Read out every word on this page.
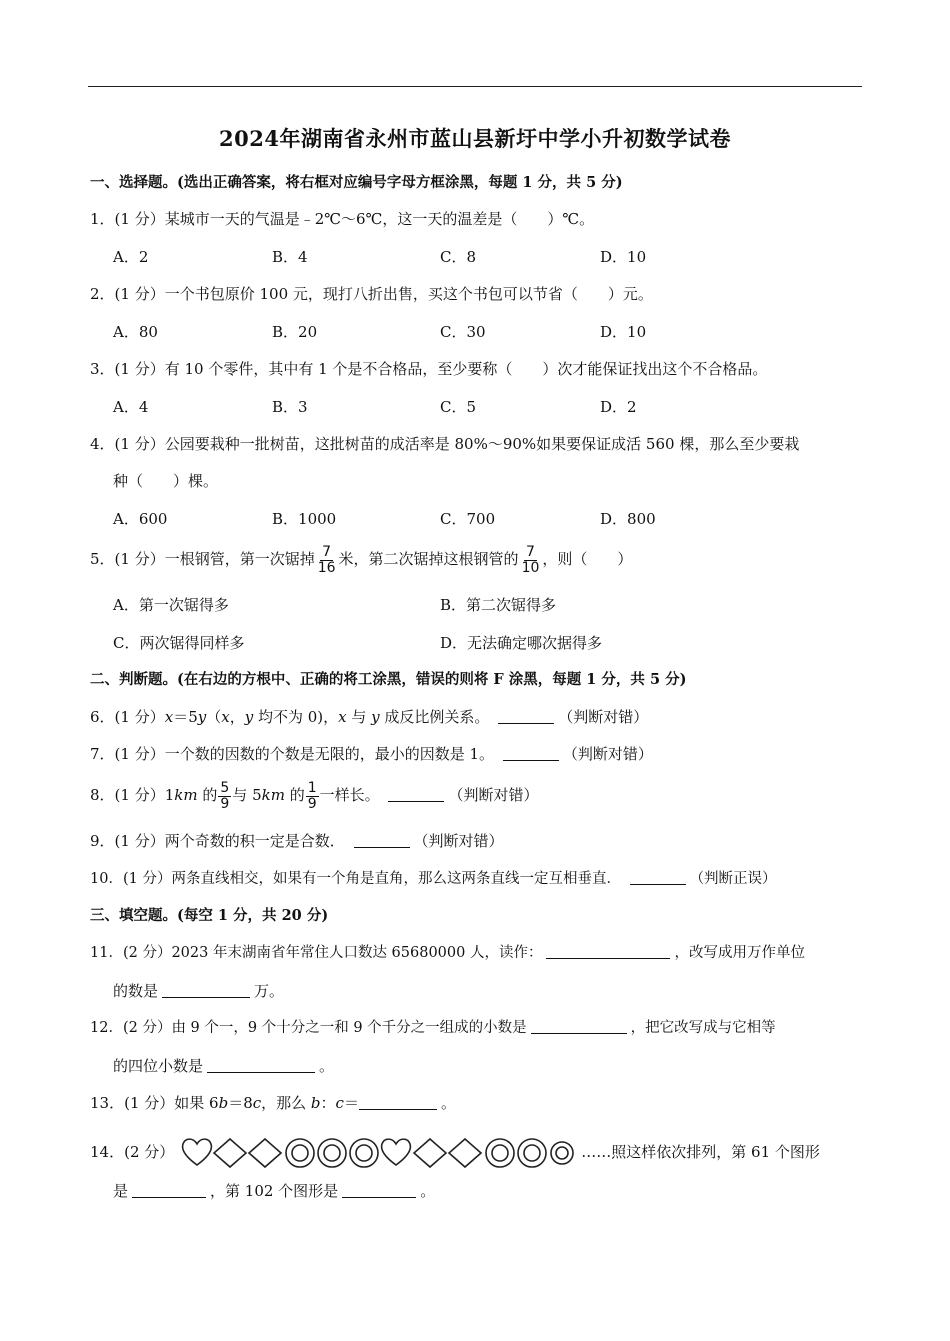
2024年湖南省永州市蓝山县新圩中学小升初数学试卷
一、选择题。(选出正确答案，将右框对应编号字母方框涂黑，每题 1 分，共 5 分)
1．(1 分）某城市一天的气温是﹣2℃～6℃，这一天的温差是（　　）℃。
A．2	B．4	C．8	D．10
2．(1 分）一个书包原价 100 元，现打八折出售，买这个书包可以节省（　　）元。
A．80	B．20	C．30	D．10
3．(1 分）有 10 个零件，其中有 1 个是不合格品，至少要称（　　）次才能保证找出这个不合格品。
A．4	B．3	C．5	D．2
4．(1 分）公园要栽种一批树苗，这批树苗的成活率是 80%～90%如果要保证成活 560 棵，那么至少要栽
种（　　）棵。
A．600	B．1000	C．700	D．800
5．(1 分）一根钢管，第一次锯掉 $\frac{7}{16}$ 米，第二次锯掉这根钢管的 $\frac{7}{10}$ ，则（　　）
A．第一次锯得多	B．第二次锯得多
C．两次锯得同样多	D．无法确定哪次据得多
二、判断题。(在右边的方根中、正确的将工涂黑，错误的则将 F 涂黑，每题 1 分，共 5 分)
6．(1 分）x＝5y（x，y 均不为 0)，x 与 y 成反比例关系。	（判断对错）
7．(1 分）一个数的因数的个数是无限的，最小的因数是 1。	（判断对错）
8．(1 分）1km 的 $\frac{5}{9}$ 与 5km 的 $\frac{1}{9}$ 一样长。	（判断对错）
9．(1 分）两个奇数的积一定是合数．	（判断对错）
10．(1 分）两条直线相交，如果有一个角是直角，那么这两条直线一定互相垂直．	（判断正误）
三、填空题。(每空 1 分，共 20 分)
11．(2 分）2023 年末湖南省年常住人口数达 65680000 人，读作：	，改写成用万作单位
的数是	万。
12．(2 分）由 9 个一，9 个十分之一和 9 个千分之一组成的小数是	，把它改写成与它相等
的四位小数是	。
13．(1 分）如果 6b＝8c，那么 b：c＝	。
14．(2 分）	……照这样依次排列，第 61 个图形
是	，第 102 个图形是	。
